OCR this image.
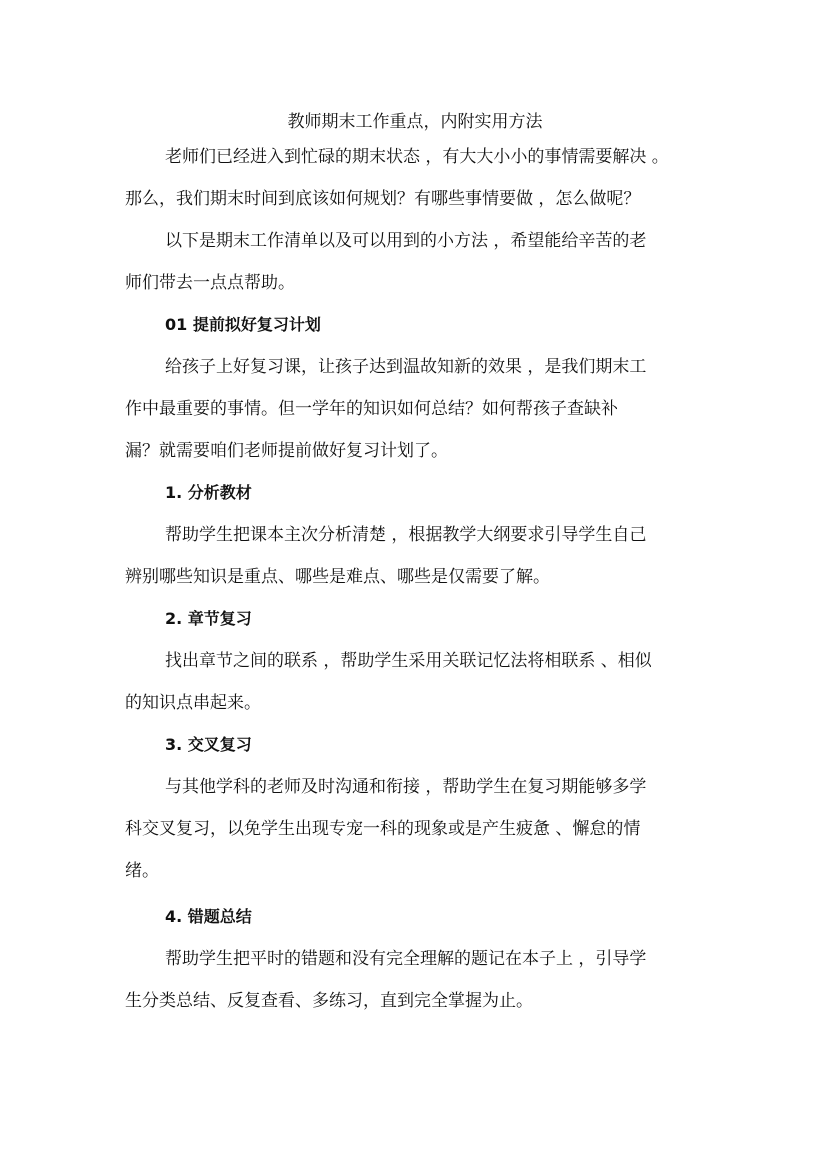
教师期末工作重点，内附实用方法

老师们已经进入到忙碌的期末状态 ，有大大小小的事情需要解决 。
那么，我们期末时间到底该如何规划？有哪些事情要做 ，怎么做呢？

以下是期末工作清单以及可以用到的小方法 ，希望能给辛苦的老
师们带去一点点帮助。

01 提前拟好复习计划

给孩子上好复习课，让孩子达到温故知新的效果 ，是我们期末工
作中最重要的事情。但一学年的知识如何总结？如何帮孩子查缺补
漏？就需要咱们老师提前做好复习计划了。

1. 分析教材

帮助学生把课本主次分析清楚 ，根据教学大纲要求引导学生自己
辨别哪些知识是重点、哪些是难点、哪些是仅需要了解。

2. 章节复习

找出章节之间的联系 ，帮助学生采用关联记忆法将相联系 、相似
的知识点串起来。

3. 交叉复习

与其他学科的老师及时沟通和衔接 ，帮助学生在复习期能够多学
科交叉复习，以免学生出现专宠一科的现象或是产生疲惫 、懈怠的情
绪。

4. 错题总结

帮助学生把平时的错题和没有完全理解的题记在本子上 ，引导学
生分类总结、反复查看、多练习，直到完全掌握为止。
